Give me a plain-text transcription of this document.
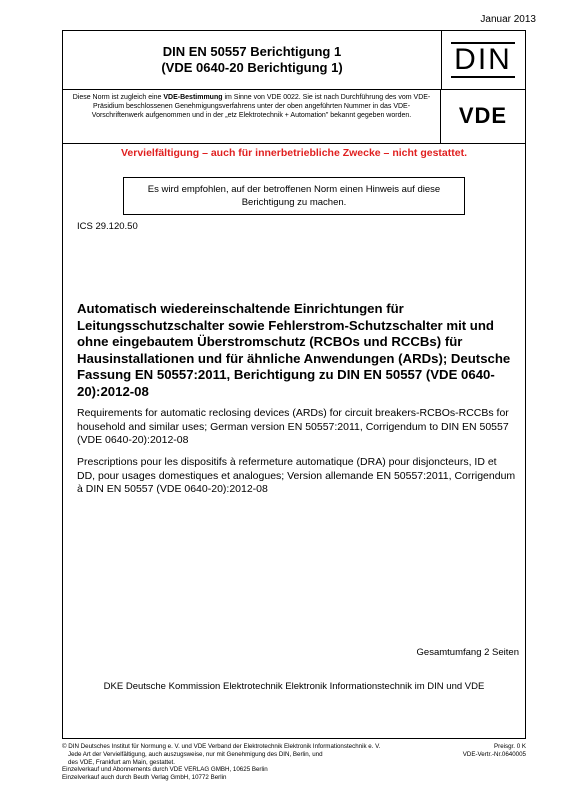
Januar 2013
DIN EN 50557 Berichtigung 1
(VDE 0640-20 Berichtigung 1)	DIN
Diese Norm ist zugleich eine VDE-Bestimmung im Sinne von VDE 0022. Sie ist nach Durchführung des vom VDE-Präsidium beschlossenen Genehmigungsverfahrens unter der oben angeführten Nummer in das VDE-Vorschriftenwerk aufgenommen und in der „etz Elektrotechnik + Automation" bekannt gegeben worden.	VDE
Vervielfältigung – auch für innerbetriebliche Zwecke – nicht gestattet.
Es wird empfohlen, auf der betroffenen Norm einen Hinweis auf diese Berichtigung zu machen.
ICS 29.120.50
Automatisch wiedereinschaltende Einrichtungen für Leitungsschutzschalter sowie Fehlerstrom-Schutzschalter mit und ohne eingebautem Überstromschutz (RCBOs und RCCBs) für Hausinstallationen und für ähnliche Anwendungen (ARDs); Deutsche Fassung EN 50557:2011, Berichtigung zu DIN EN 50557 (VDE 0640-20):2012-08
Requirements for automatic reclosing devices (ARDs) for circuit breakers-RCBOs-RCCBs for household and similar uses; German version EN 50557:2011, Corrigendum to DIN EN 50557 (VDE 0640-20):2012-08
Prescriptions pour les dispositifs à refermeture automatique (DRA) pour disjoncteurs, ID et DD, pour usages domestiques et analogues; Version allemande EN 50557:2011, Corrigendum à DIN EN 50557 (VDE 0640-20):2012-08
Gesamtumfang 2 Seiten
DKE Deutsche Kommission Elektrotechnik Elektronik Informationstechnik im DIN und VDE
© DIN Deutsches Institut für Normung e. V. und VDE Verband der Elektrotechnik Elektronik Informationstechnik e. V.
Jede Art der Vervielfältigung, auch auszugsweise, nur mit Genehmigung des DIN, Berlin, und
des VDE, Frankfurt am Main, gestattet.
Einzelverkauf und Abonnements durch VDE VERLAG GMBH, 10625 Berlin
Einzelverkauf auch durch Beuth Verlag GmbH, 10772 Berlin
Preisgr. 0 K
VDE-Vertr.-Nr.0640005
